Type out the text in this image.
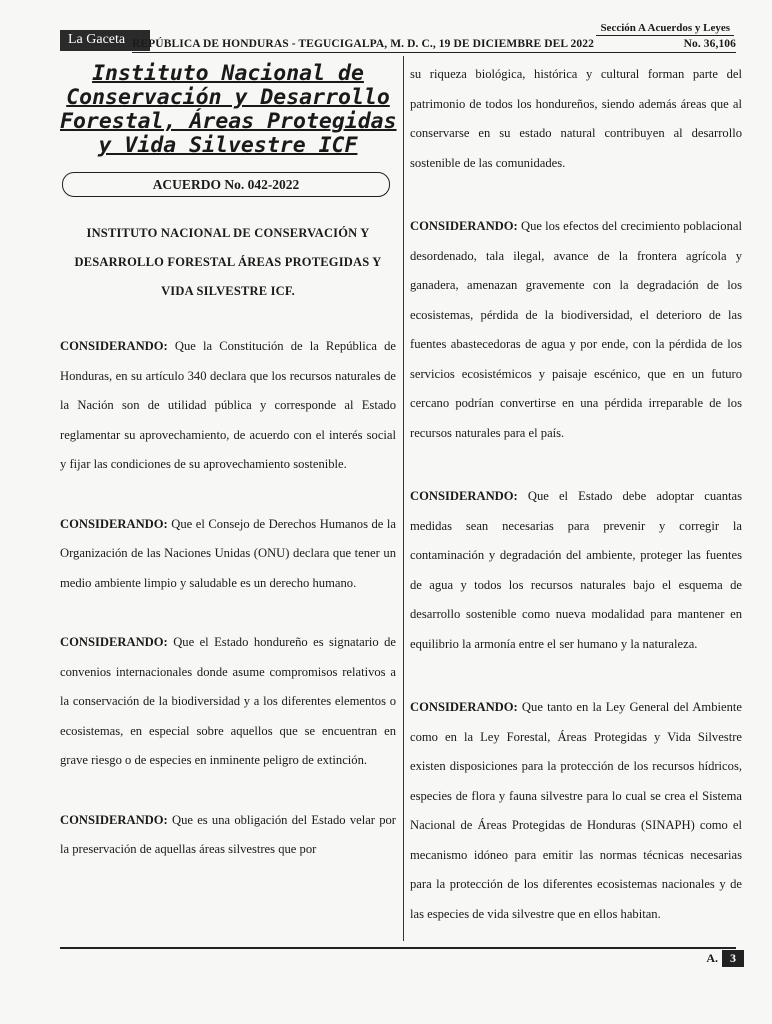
Sección A Acuerdos y Leyes
La Gaceta REPÚBLICA DE HONDURAS - TEGUCIGALPA, M. D. C., 19 DE DICIEMBRE DEL 2022	No. 36,106
Instituto Nacional de
Conservación y Desarrollo
Forestal, Áreas Protegidas
y Vida Silvestre ICF
ACUERDO No. 042-2022
INSTITUTO NACIONAL DE CONSERVACIÓN Y
DESARROLLO FORESTAL ÁREAS PROTEGIDAS Y
VIDA SILVESTRE ICF.

CONSIDERANDO: Que la Constitución de la República de Honduras, en su artículo 340 declara que los recursos naturales de la Nación son de utilidad pública y corresponde al Estado reglamentar su aprovechamiento, de acuerdo con el interés social y fijar las condiciones de su aprovechamiento sostenible.

CONSIDERANDO: Que el Consejo de Derechos Humanos de la Organización de las Naciones Unidas (ONU) declara que tener un medio ambiente limpio y saludable es un derecho humano.

CONSIDERANDO: Que el Estado hondureño es signatario de convenios internacionales donde asume compromisos relativos a la conservación de la biodiversidad y a los diferentes elementos o ecosistemas, en especial sobre aquellos que se encuentran en grave riesgo o de especies en inminente peligro de extinción.

CONSIDERANDO: Que es una obligación del Estado velar por la preservación de aquellas áreas silvestres que por

su riqueza biológica, histórica y cultural forman parte del patrimonio de todos los hondureños, siendo además áreas que al conservarse en su estado natural contribuyen al desarrollo sostenible de las comunidades.

CONSIDERANDO: Que los efectos del crecimiento poblacional desordenado, tala ilegal, avance de la frontera agrícola y ganadera, amenazan gravemente con la degradación de los ecosistemas, pérdida de la biodiversidad, el deterioro de las fuentes abastecedoras de agua y por ende, con la pérdida de los servicios ecosistémicos y paisaje escénico, que en un futuro cercano podrían convertirse en una pérdida irreparable de los recursos naturales para el país.

CONSIDERANDO: Que el Estado debe adoptar cuantas medidas sean necesarias para prevenir y corregir la contaminación y degradación del ambiente, proteger las fuentes de agua y todos los recursos naturales bajo el esquema de desarrollo sostenible como nueva modalidad para mantener en equilibrio la armonía entre el ser humano y la naturaleza.

CONSIDERANDO: Que tanto en la Ley General del Ambiente como en la Ley Forestal, Áreas Protegidas y Vida Silvestre existen disposiciones para la protección de los recursos hídricos, especies de flora y fauna silvestre para lo cual se crea el Sistema Nacional de Áreas Protegidas de Honduras (SINAPH) como el mecanismo idóneo para emitir las normas técnicas necesarias para la protección de los diferentes ecosistemas nacionales y de las especies de vida silvestre que en ellos habitan.

A.	3
